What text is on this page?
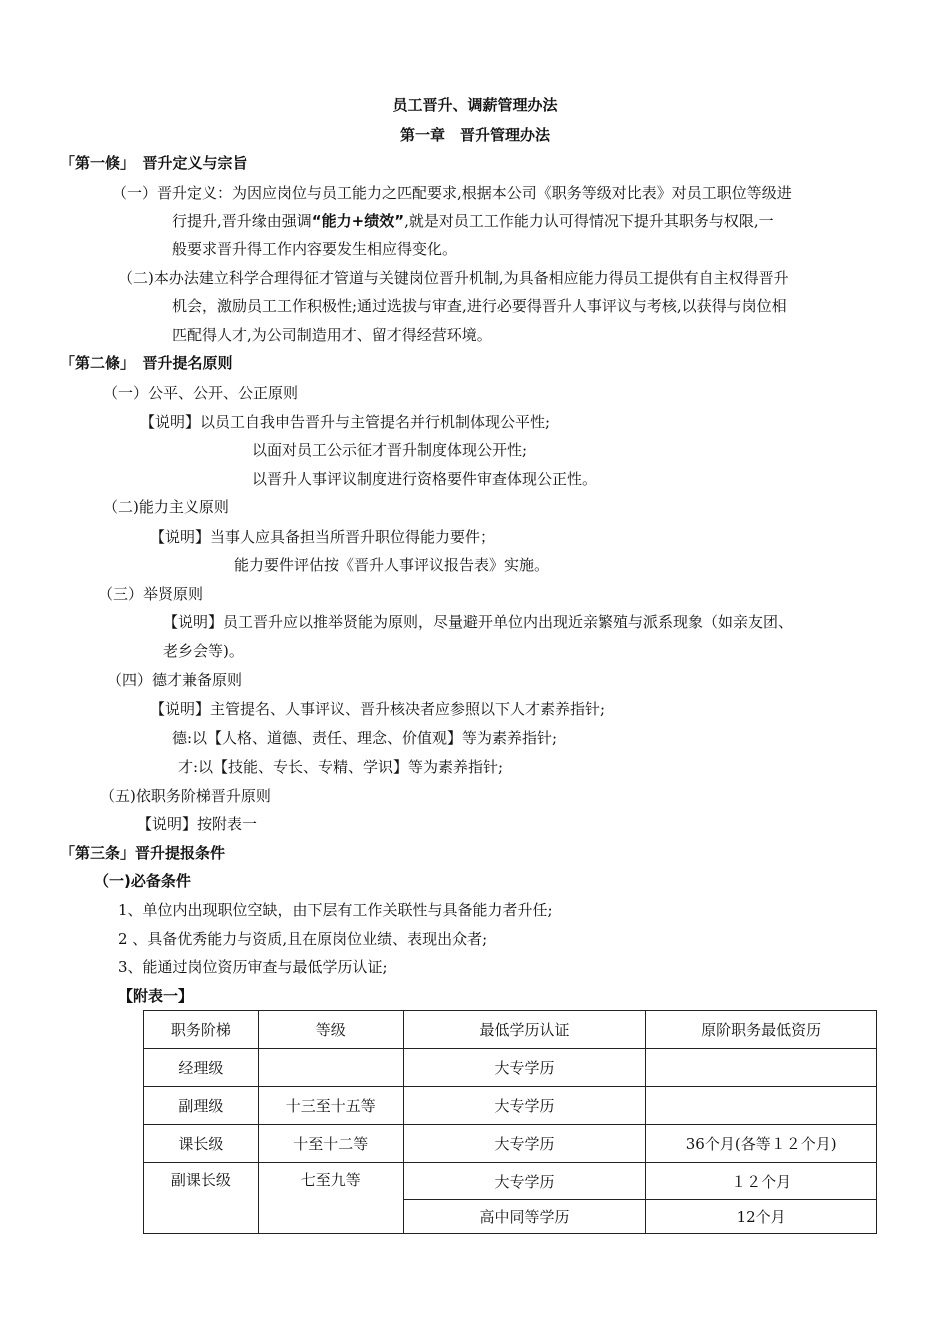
员工晋升、调薪管理办法
第一章　晋升管理办法
「第一倏」　晋升定义与宗旨
（一）晋升定义：为因应岗位与员工能力之匹配要求,根据本公司《职务等级对比表》对员工职位等级进
行提升,晋升缘由强调“能力+绩效”,就是对员工工作能力认可得情况下提升其职务与权限,一
般要求晋升得工作内容要发生相应得变化。
（二)本办法建立科学合理得征才管道与关键岗位晋升机制,为具备相应能力得员工提供有自主权得晋升
机会，激励员工工作积极性;通过选拔与审查,进行必要得晋升人事评议与考核,以获得与岗位相
匹配得人才,为公司制造用才、留才得经营环境。
「第二條」　晋升提名原则
（一）公平、公开、公正原则
【说明】以员工自我申告晋升与主管提名并行机制体现公平性;
以面对员工公示征才晋升制度体现公开性;
以晋升人事评议制度进行资格要件审查体现公正性。
（二)能力主义原则
【说明】当事人应具备担当所晋升职位得能力要件；
能力要件评估按《晋升人事评议报告表》实施。
（三）举贤原则
【说明】员工晋升应以推举贤能为原则，尽量避开单位内出现近亲繁殖与派系现象（如亲友团、
老乡会等)。
（四）德才兼备原则
【说明】主管提名、人事评议、晋升核决者应参照以下人才素养指针;
德:以【人格、道德、责任、理念、价值观】等为素养指针;
才:以【技能、专长、专精、学识】等为素养指针;
（五)依职务阶梯晋升原则
【说明】按附表一
「第三条」晋升提报条件
（一)必备条件
1、单位内出现职位空缺，由下层有工作关联性与具备能力者升任;
2 、具备优秀能力与资质,且在原岗位业绩、表现出众者;
3、能通过岗位资历审查与最低学历认证;
【附表一】
职务阶梯	等级	最低学历认证	原阶职务最低资历
经理级		大专学历	
副理级	十三至十五等	大专学历	
课长级	十至十二等	大专学历	36个月(各等１２个月)
副课长级	七至九等	大专学历	１２个月
		高中同等学历	12个月
